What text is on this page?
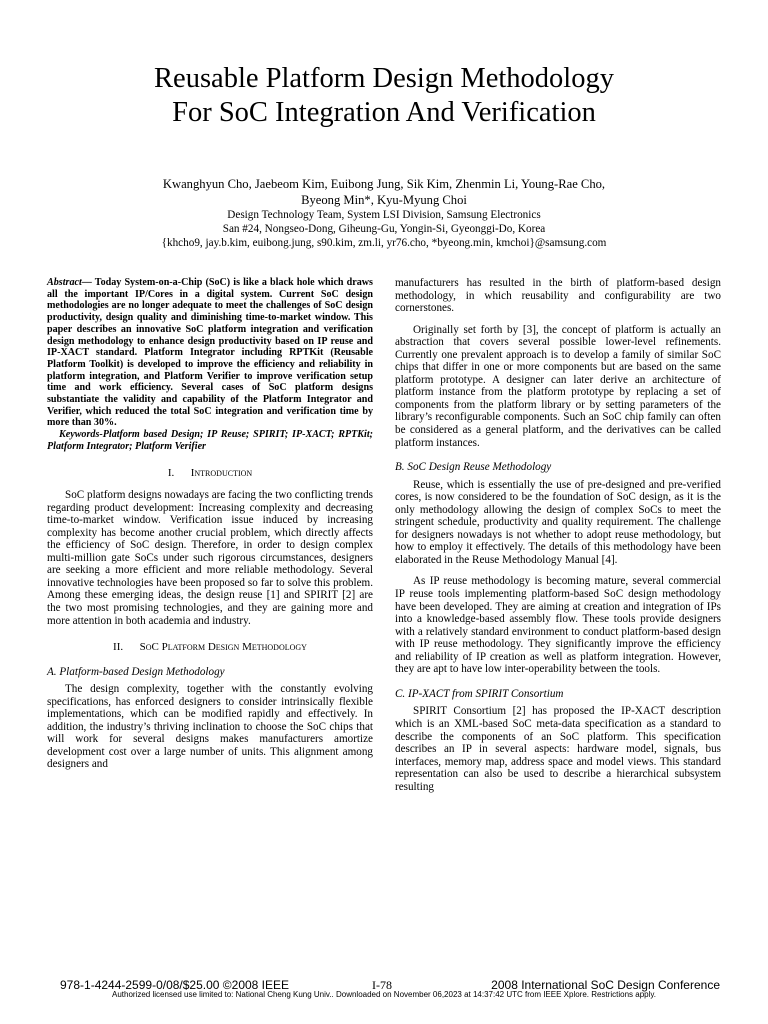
Reusable Platform Design Methodology
For SoC Integration And Verification
Kwanghyun Cho, Jaebeom Kim, Euibong Jung, Sik Kim, Zhenmin Li, Young-Rae Cho,
Byeong Min*, Kyu-Myung Choi
Design Technology Team, System LSI Division, Samsung Electronics
San #24, Nongseo-Dong, Giheung-Gu, Yongin-Si, Gyeonggi-Do, Korea
{khcho9, jay.b.kim, euibong.jung, s90.kim, zm.li, yr76.cho, *byeong.min, kmchoi}@samsung.com

Abstract— Today System-on-a-Chip (SoC) is like a black hole which draws all the important IP/Cores in a digital system. Current SoC design methodologies are no longer adequate to meet the challenges of SoC design productivity, design quality and diminishing time-to-market window. This paper describes an innovative SoC platform integration and verification design methodology to enhance design productivity based on IP reuse and IP-XACT standard. Platform Integrator including RPTKit (Reusable Platform Toolkit) is developed to improve the efficiency and reliability in platform integration, and Platform Verifier to improve verification setup time and work efficiency. Several cases of SoC platform designs substantiate the validity and capability of the Platform Integrator and Verifier, which reduced the total SoC integration and verification time by more than 30%.

Keywords-Platform based Design; IP Reuse; SPIRIT; IP-XACT; RPTKit; Platform Integrator; Platform Verifier

I. Introduction

SoC platform designs nowadays are facing the two conflicting trends regarding product development: Increasing complexity and decreasing time-to-market window. Verification issue induced by increasing complexity has become another crucial problem, which directly affects the efficiency of SoC design. Therefore, in order to design complex multi-million gate SoCs under such rigorous circumstances, designers are seeking a more efficient and more reliable methodology. Several innovative technologies have been proposed so far to solve this problem. Among these emerging ideas, the design reuse [1] and SPIRIT [2] are the two most promising technologies, and they are gaining more and more attention in both academia and industry.

II. SoC Platform Design Methodology
A. Platform-based Design Methodology

The design complexity, together with the constantly evolving specifications, has enforced designers to consider intrinsically flexible implementations, which can be modified rapidly and effectively. In addition, the industry’s thriving inclination to choose the SoC chips that will work for several designs makes manufacturers amortize development cost over a large number of units. This alignment among designers and

manufacturers has resulted in the birth of platform-based design methodology, in which reusability and configurability are two cornerstones.

Originally set forth by [3], the concept of platform is actually an abstraction that covers several possible lower-level refinements. Currently one prevalent approach is to develop a family of similar SoC chips that differ in one or more components but are based on the same platform prototype. A designer can later derive an architecture of platform instance from the platform prototype by replacing a set of components from the platform library or by setting parameters of the library’s reconfigurable components. Such an SoC chip family can often be considered as a general platform, and the derivatives can be called platform instances.

B. SoC Design Reuse Methodology

Reuse, which is essentially the use of pre-designed and pre-verified cores, is now considered to be the foundation of SoC design, as it is the only methodology allowing the design of complex SoCs to meet the stringent schedule, productivity and quality requirement. The challenge for designers nowadays is not whether to adopt reuse methodology, but how to employ it effectively. The details of this methodology have been elaborated in the Reuse Methodology Manual [4].

As IP reuse methodology is becoming mature, several commercial IP reuse tools implementing platform-based SoC design methodology have been developed. They are aiming at creation and integration of IPs into a knowledge-based assembly flow. These tools provide designers with a relatively standard environment to conduct platform-based design with IP reuse methodology. They significantly improve the efficiency and reliability of IP creation as well as platform integration. However, they are apt to have low inter-operability between the tools.

C. IP-XACT from SPIRIT Consortium

SPIRIT Consortium [2] has proposed the IP-XACT description which is an XML-based SoC meta-data specification as a standard to describe the components of an SoC platform. This specification describes an IP in several aspects: hardware model, signals, bus interfaces, memory map, address space and model views. This standard representation can also be used to describe a hierarchical subsystem resulting

978-1-4244-2599-0/08/$25.00 ©2008 IEEE	I-78	2008 International SoC Design Conference
Authorized licensed use limited to: National Cheng Kung Univ.. Downloaded on November 06,2023 at 14:37:42 UTC from IEEE Xplore. Restrictions apply.
